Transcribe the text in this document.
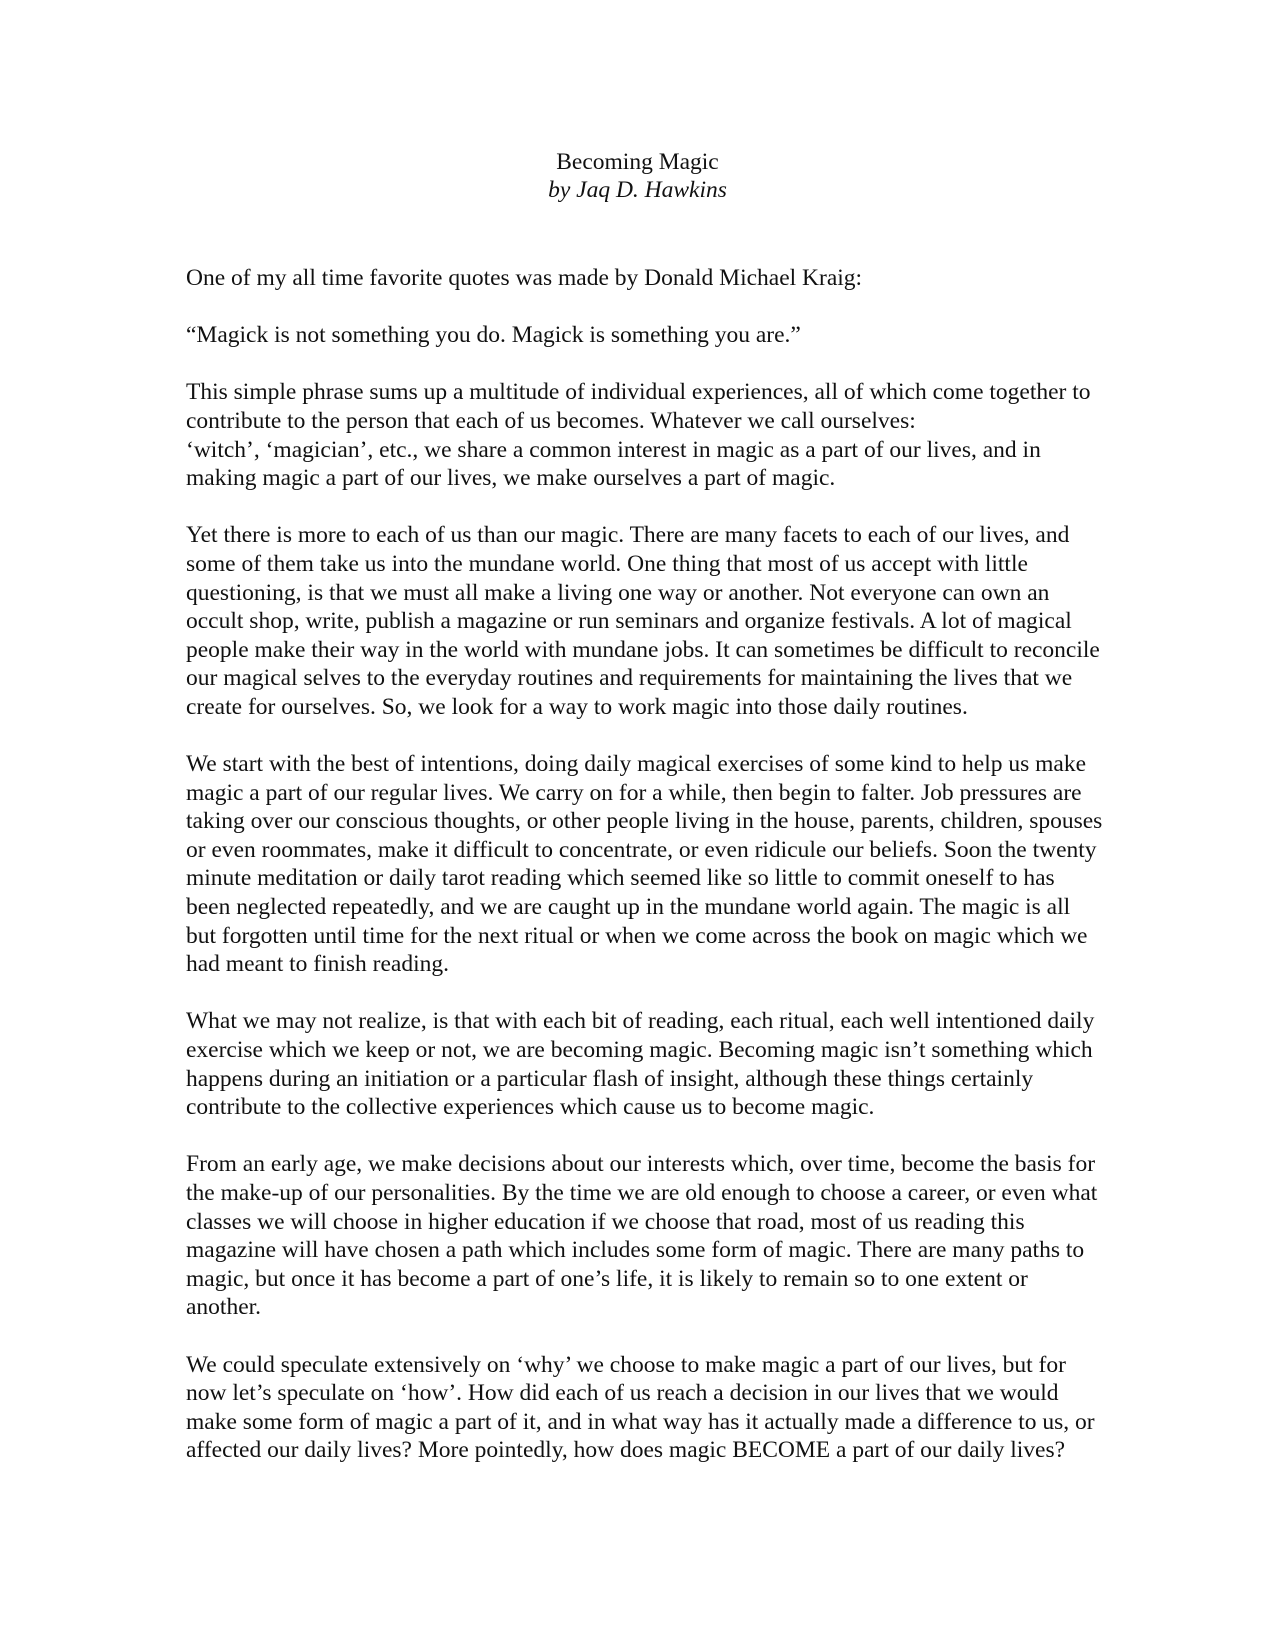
Becoming Magic
by Jaq D. Hawkins

One of my all time favorite quotes was made by Donald Michael Kraig:

“Magick is not something you do. Magick is something you are.”

This simple phrase sums up a multitude of individual experiences, all of which come together to
contribute to the person that each of us becomes. Whatever we call ourselves:
‘witch’, ‘magician’, etc., we share a common interest in magic as a part of our lives, and in
making magic a part of our lives, we make ourselves a part of magic.

Yet there is more to each of us than our magic. There are many facets to each of our lives, and
some of them take us into the mundane world. One thing that most of us accept with little
questioning, is that we must all make a living one way or another. Not everyone can own an
occult shop, write, publish a magazine or run seminars and organize festivals. A lot of magical
people make their way in the world with mundane jobs. It can sometimes be difficult to reconcile
our magical selves to the everyday routines and requirements for maintaining the lives that we
create for ourselves. So, we look for a way to work magic into those daily routines.

We start with the best of intentions, doing daily magical exercises of some kind to help us make
magic a part of our regular lives. We carry on for a while, then begin to falter. Job pressures are
taking over our conscious thoughts, or other people living in the house, parents, children, spouses
or even roommates, make it difficult to concentrate, or even ridicule our beliefs. Soon the twenty
minute meditation or daily tarot reading which seemed like so little to commit oneself to has
been neglected repeatedly, and we are caught up in the mundane world again. The magic is all
but forgotten until time for the next ritual or when we come across the book on magic which we
had meant to finish reading.

What we may not realize, is that with each bit of reading, each ritual, each well intentioned daily
exercise which we keep or not, we are becoming magic. Becoming magic isn’t something which
happens during an initiation or a particular flash of insight, although these things certainly
contribute to the collective experiences which cause us to become magic.

From an early age, we make decisions about our interests which, over time, become the basis for
the make-up of our personalities. By the time we are old enough to choose a career, or even what
classes we will choose in higher education if we choose that road, most of us reading this
magazine will have chosen a path which includes some form of magic. There are many paths to
magic, but once it has become a part of one’s life, it is likely to remain so to one extent or
another.

We could speculate extensively on ‘why’ we choose to make magic a part of our lives, but for
now let’s speculate on ‘how’. How did each of us reach a decision in our lives that we would
make some form of magic a part of it, and in what way has it actually made a difference to us, or
affected our daily lives? More pointedly, how does magic BECOME a part of our daily lives?
